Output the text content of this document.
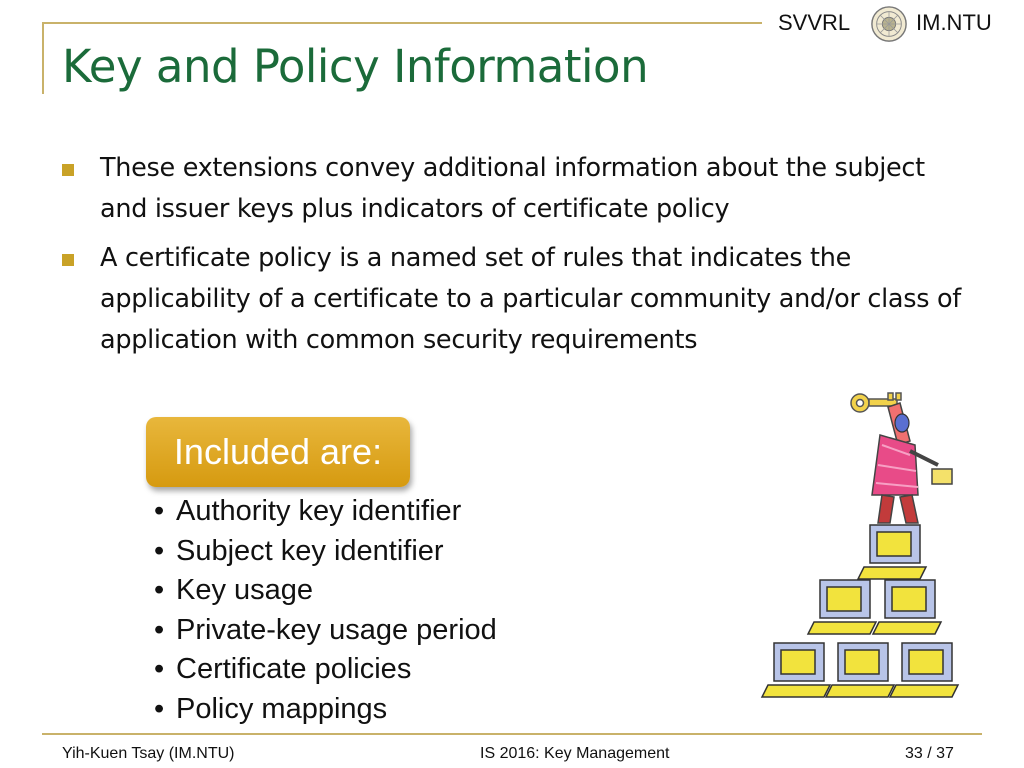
SVVRL	IM.NTU
Key and Policy Information
These extensions convey additional information about the subject and issuer keys plus indicators of certificate policy
A certificate policy is a named set of rules that indicates the applicability of a certificate to a particular community and/or class of application with common security requirements
Included are:
• Authority key identifier
• Subject key identifier
• Key usage
• Private-key usage period
• Certificate policies
• Policy mappings
Yih-Kuen Tsay (IM.NTU)	IS 2016: Key Management	33 / 37
